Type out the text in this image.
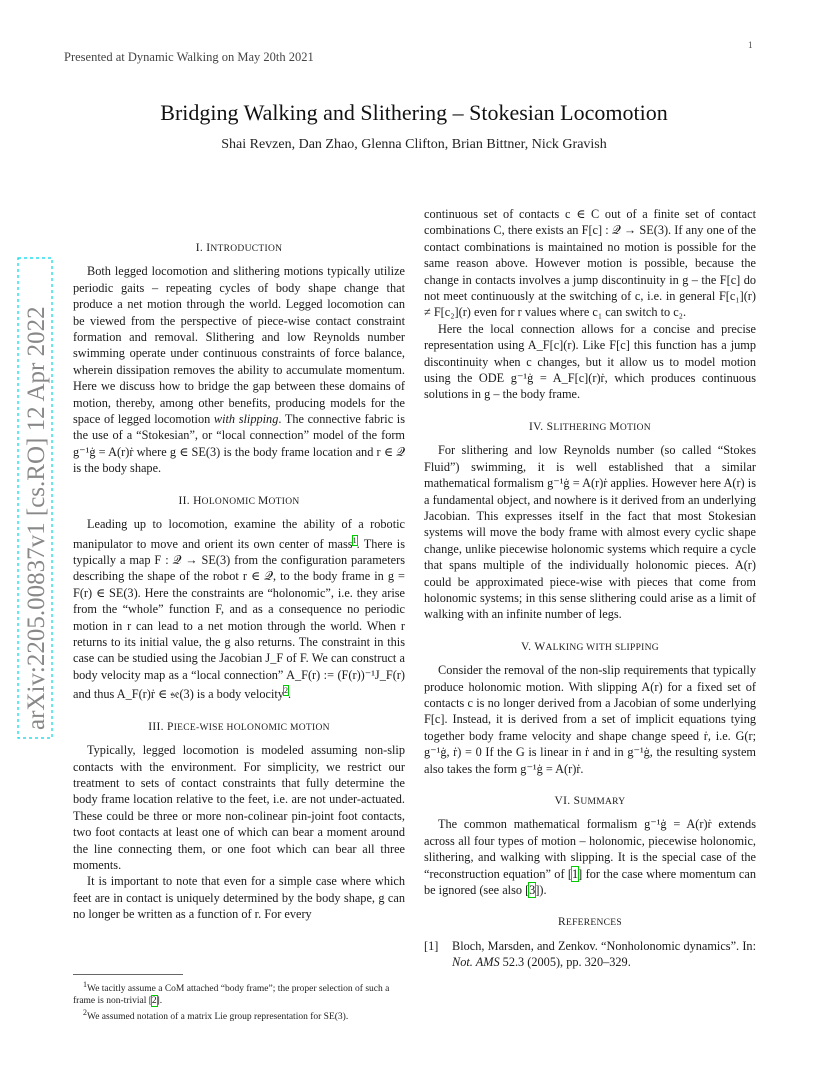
Presented at Dynamic Walking on May 20th 2021
1
arXiv:2205.00837v1 [cs.RO] 12 Apr 2022
Bridging Walking and Slithering – Stokesian Locomotion
Shai Revzen, Dan Zhao, Glenna Clifton, Brian Bittner, Nick Gravish
I. INTRODUCTION

Both legged locomotion and slithering motions typically utilize periodic gaits – repeating cycles of body shape change that produce a net motion through the world. Legged locomotion can be viewed from the perspective of piece-wise contact constraint formation and removal. Slithering and low Reynolds number swimming operate under continuous constraints of force balance, wherein dissipation removes the ability to accumulate momentum. Here we discuss how to bridge the gap between these domains of motion, thereby, among other benefits, producing models for the space of legged locomotion with slipping. The connective fabric is the use of a “Stokesian”, or “local connection” model of the form g⁻¹ġ = A(r)ṙ where g ∈ SE(3) is the body frame location and r ∈ 𝒬 is the body shape.

II. HOLONOMIC MOTION

Leading up to locomotion, examine the ability of a robotic manipulator to move and orient its own center of mass$^1$. There is typically a map F : 𝒬 → SE(3) from the configuration parameters describing the shape of the robot r ∈ 𝒬, to the body frame in g = F(r) ∈ SE(3). Here the constraints are “holonomic”, i.e. they arise from the “whole” function F, and as a consequence no periodic motion in r can lead to a net motion through the world. When r returns to its initial value, the g also returns. The constraint in this case can be studied using the Jacobian J_F of F. We can construct a body velocity map as a “local connection” A_F(r) := (F(r))⁻¹J_F(r) and thus A_F(r)ṙ ∈ 𝔰𝔢(3) is a body velocity$^2$.

III. PIECE-WISE HOLONOMIC MOTION

Typically, legged locomotion is modeled assuming non-slip contacts with the environment. For simplicity, we restrict our treatment to sets of contact constraints that fully determine the body frame location relative to the feet, i.e. are not under-actuated. These could be three or more non-colinear pin-joint foot contacts, two foot contacts at least one of which can bear a moment around the line connecting them, or one foot which can bear all three moments.

It is important to note that even for a simple case where which feet are in contact is uniquely determined by the body shape, g can no longer be written as a function of r. For every

$^1$We tacitly assume a CoM attached “body frame”; the proper selection of such a frame is non-trivial [2].
$^2$We assumed notation of a matrix Lie group representation for SE(3).

continuous set of contacts c ∈ C out of a finite set of contact combinations C, there exists an F[c] : 𝒬 → SE(3). If any one of the contact combinations is maintained no motion is possible for the same reason above. However motion is possible, because the change in contacts involves a jump discontinuity in g – the F[c] do not meet continuously at the switching of c, i.e. in general F[c₁](r) ≠ F[c₂](r) even for r values where c₁ can switch to c₂.

Here the local connection allows for a concise and precise representation using A_F[c](r). Like F[c] this function has a jump discontinuity when c changes, but it allow us to model motion using the ODE g⁻¹ġ = A_F[c](r)ṙ, which produces continuous solutions in g – the body frame.

IV. SLITHERING MOTION

For slithering and low Reynolds number (so called “Stokes Fluid”) swimming, it is well established that a similar mathematical formalism g⁻¹ġ = A(r)ṙ applies. However here A(r) is a fundamental object, and nowhere is it derived from an underlying Jacobian. This expresses itself in the fact that most Stokesian systems will move the body frame with almost every cyclic shape change, unlike piecewise holonomic systems which require a cycle that spans multiple of the individually holonomic pieces. A(r) could be approximated piece-wise with pieces that come from holonomic systems; in this sense slithering could arise as a limit of walking with an infinite number of legs.

V. WALKING WITH SLIPPING

Consider the removal of the non-slip requirements that typically produce holonomic motion. With slipping A(r) for a fixed set of contacts c is no longer derived from a Jacobian of some underlying F[c]. Instead, it is derived from a set of implicit equations tying together body frame velocity and shape change speed ṙ, i.e. G(r; g⁻¹ġ, ṙ) = 0 If the G is linear in ṙ and in g⁻¹ġ, the resulting system also takes the form g⁻¹ġ = A(r)ṙ.

VI. SUMMARY

The common mathematical formalism g⁻¹ġ = A(r)ṙ extends across all four types of motion – holonomic, piecewise holonomic, slithering, and walking with slipping. It is the special case of the “reconstruction equation” of [1] for the case where momentum can be ignored (see also [3]).

REFERENCES
[1]	Bloch, Marsden, and Zenkov. “Nonholonomic dynamics”. In: Not. AMS 52.3 (2005), pp. 320–329.
